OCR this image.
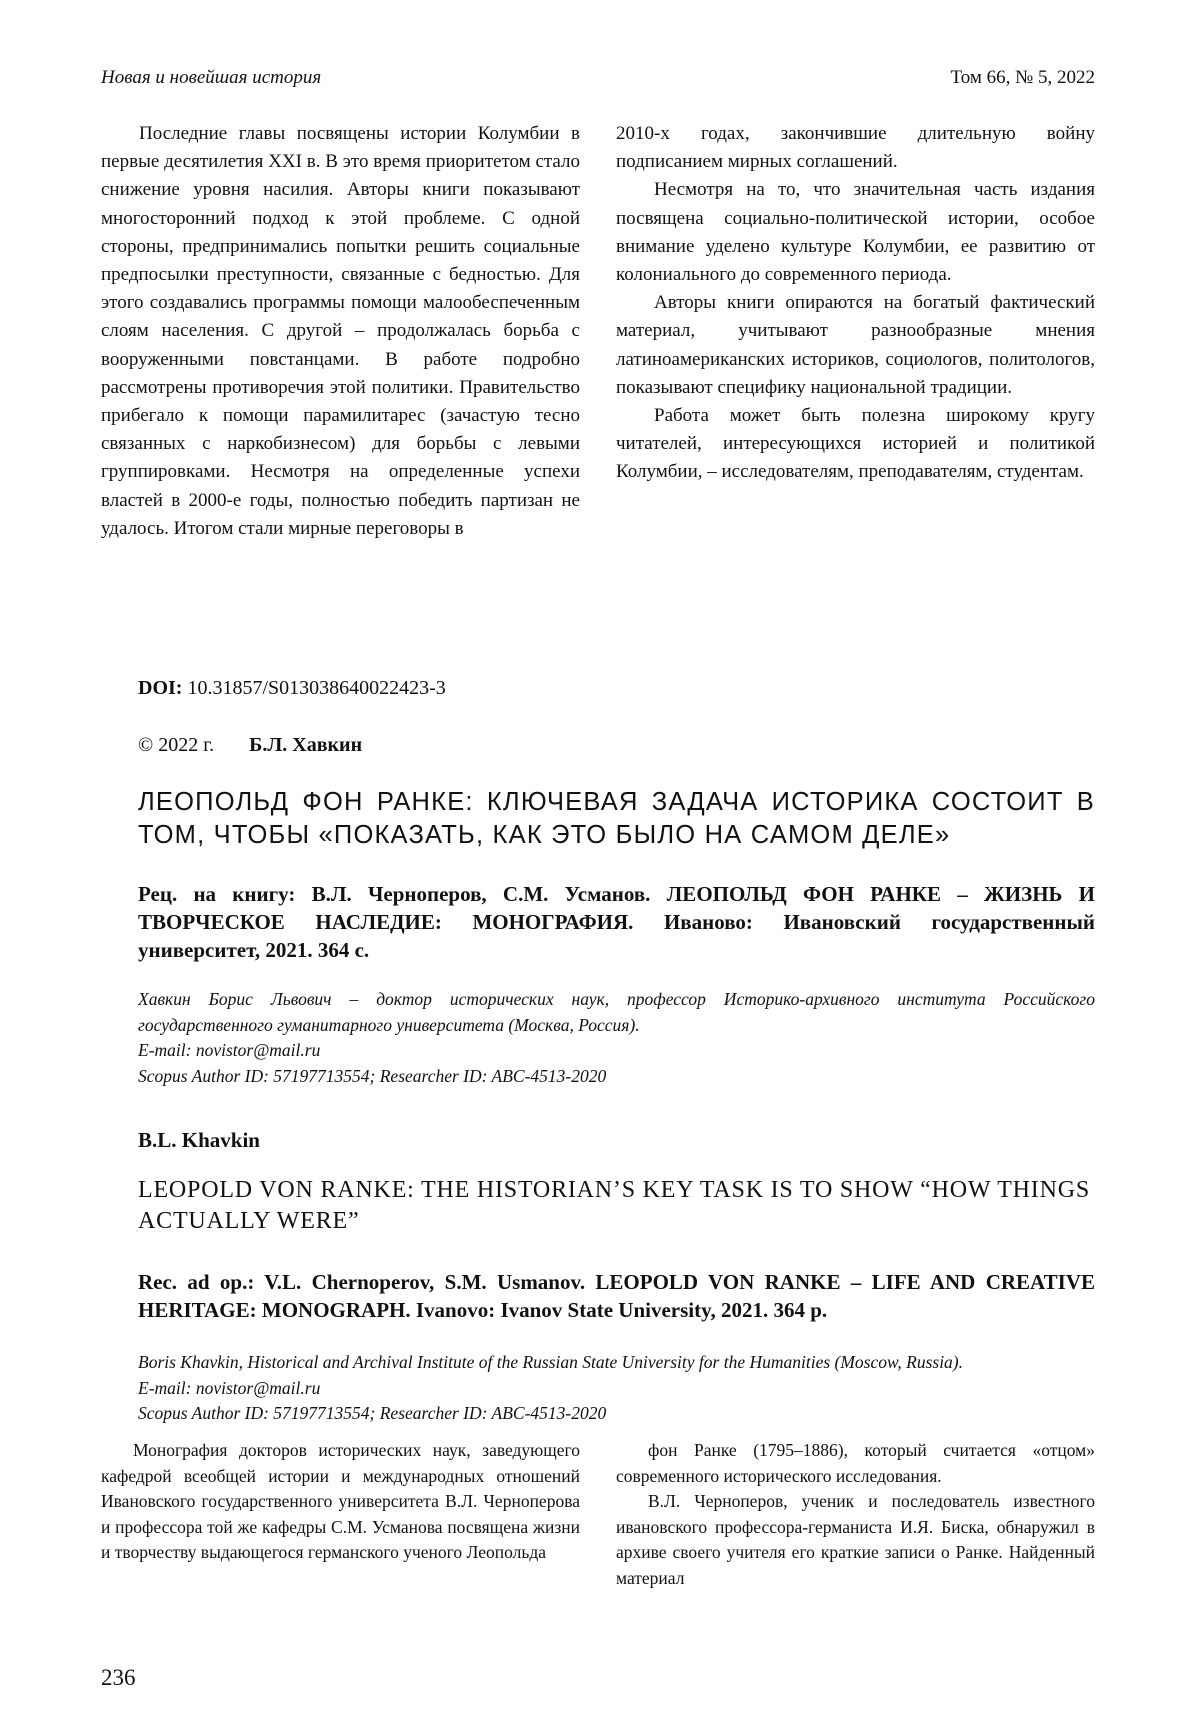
Новая и новейшая история	Том 66, № 5, 2022

Последние главы посвящены истории Колумбии в первые десятилетия XXI в. В это время приоритетом стало снижение уровня насилия. Авторы книги показывают многосторонний подход к этой проблеме. С одной стороны, предпринимались попытки решить социальные предпосылки преступности, связанные с бедностью. Для этого создавались программы помощи малообеспеченным слоям населения. С другой – продолжалась борьба с вооруженными повстанцами. В работе подробно рассмотрены противоречия этой политики. Правительство прибегало к помощи парамилитарес (зачастую тесно связанных с наркобизнесом) для борьбы с левыми группировками. Несмотря на определенные успехи властей в 2000-е годы, полностью победить партизан не удалось. Итогом стали мирные переговоры в

2010-х годах, закончившие длительную войну подписанием мирных соглашений.

Несмотря на то, что значительная часть издания посвящена социально-политической истории, особое внимание уделено культуре Колумбии, ее развитию от колониального до современного периода.

Авторы книги опираются на богатый фактический материал, учитывают разнообразные мнения латиноамериканских историков, социологов, политологов, показывают специфику национальной традиции.

Работа может быть полезна широкому кругу читателей, интересующихся историей и политикой Колумбии, – исследователям, преподавателям, студентам.

DOI: 10.31857/S013038640022423-3
© 2022 г. Б.Л. Хавкин
ЛЕОПОЛЬД ФОН РАНКЕ: КЛЮЧЕВАЯ ЗАДАЧА ИСТОРИКА СОСТОИТ В ТОМ, ЧТОБЫ «ПОКАЗАТЬ, КАК ЭТО БЫЛО НА САМОМ ДЕЛЕ»
Рец. на книгу: В.Л. Черноперов, С.М. Усманов. ЛЕОПОЛЬД ФОН РАНКЕ – ЖИЗНЬ И ТВОРЧЕСКОЕ НАСЛЕДИЕ: МОНОГРАФИЯ. Иваново: Ивановский государственный университет, 2021. 364 с.

Хавкин Борис Львович – доктор исторических наук, профессор Историко-архивного института Российского государственного гуманитарного университета (Москва, Россия).

E-mail: novistor@mail.ru

Scopus Author ID: 57197713554; Researcher ID: ABC-4513-2020

B.L. Khavkin
LEOPOLD VON RANKE: THE HISTORIAN’S KEY TASK IS TO SHOW “HOW THINGS ACTUALLY WERE”
Rec. ad op.: V.L. Chernoperov, S.M. Usmanov. LEOPOLD VON RANKE – LIFE AND CREATIVE HERITAGE: MONOGRAPH. Ivanovo: Ivanov State University, 2021. 364 p.

Boris Khavkin, Historical and Archival Institute of the Russian State University for the Humanities (Moscow, Russia).

E-mail: novistor@mail.ru

Scopus Author ID: 57197713554; Researcher ID: ABC-4513-2020

Монография докторов исторических наук, заведующего кафедрой всеобщей истории и международных отношений Ивановского государственного университета В.Л. Черноперова и профессора той же кафедры С.М. Усманова посвящена жизни и творчеству выдающегося германского ученого Леопольда

фон Ранке (1795–1886), который считается «отцом» современного исторического исследования.

В.Л. Черноперов, ученик и последователь известного ивановского профессора-германиста И.Я. Биска, обнаружил в архиве своего учителя его краткие записи о Ранке. Найденный материал

236
